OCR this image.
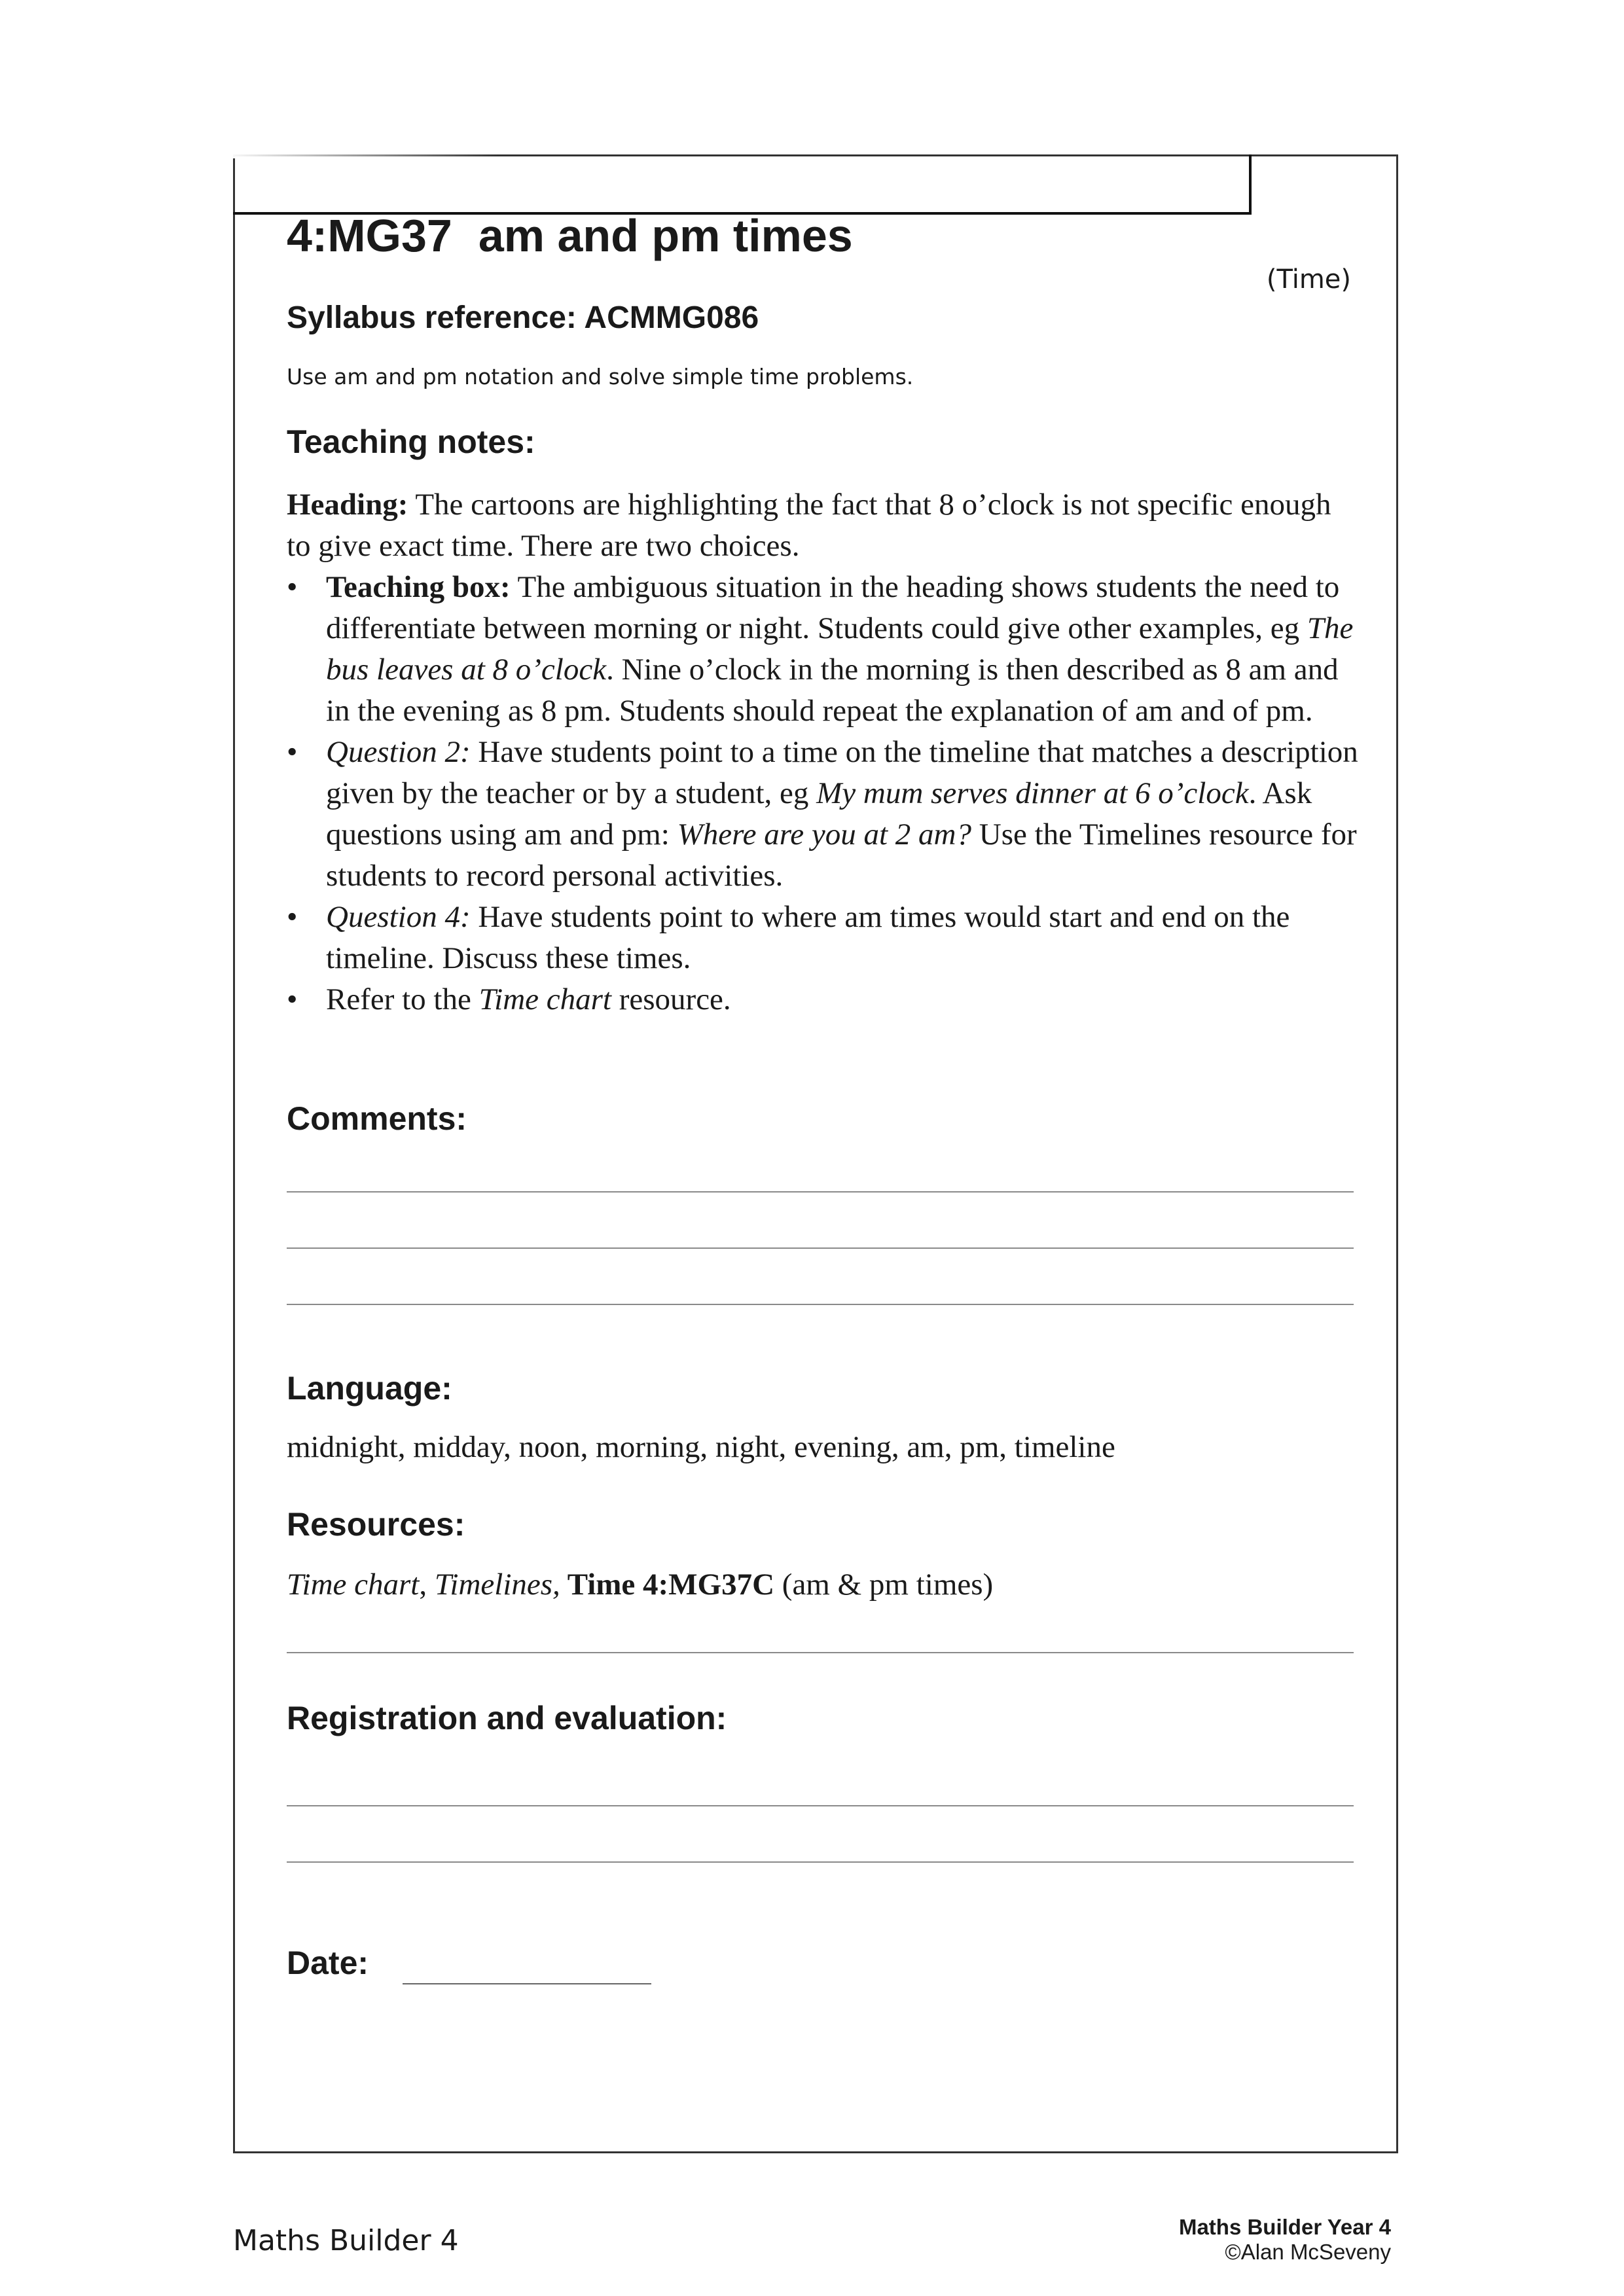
4:MG37 am and pm times
(Time)
Syllabus reference: ACMMG086

Use am and pm notation and solve simple time problems.

Teaching notes:
Heading: The cartoons are highlighting the fact that 8 o’clock is not specific enough to give exact time. There are two choices.
• Teaching box: The ambiguous situation in the heading shows students the need to differentiate between morning or night. Students could give other examples, eg The bus leaves at 8 o’clock. Nine o’clock in the morning is then described as 8 am and in the evening as 8 pm. Students should repeat the explanation of am and of pm.
• Question 2: Have students point to a time on the timeline that matches a description given by the teacher or by a student, eg My mum serves dinner at 6 o’clock. Ask questions using am and pm: Where are you at 2 am? Use the Timelines resource for students to record personal activities.
• Question 4: Have students point to where am times would start and end on the timeline. Discuss these times.
• Refer to the Time chart resource.
Comments:
Language:

midnight, midday, noon, morning, night, evening, am, pm, timeline

Resources:

Time chart, Timelines, Time 4:MG37C (am & pm times)

Registration and evaluation:
Date:
Maths Builder 4	Maths Builder Year 4
©Alan McSeveny
